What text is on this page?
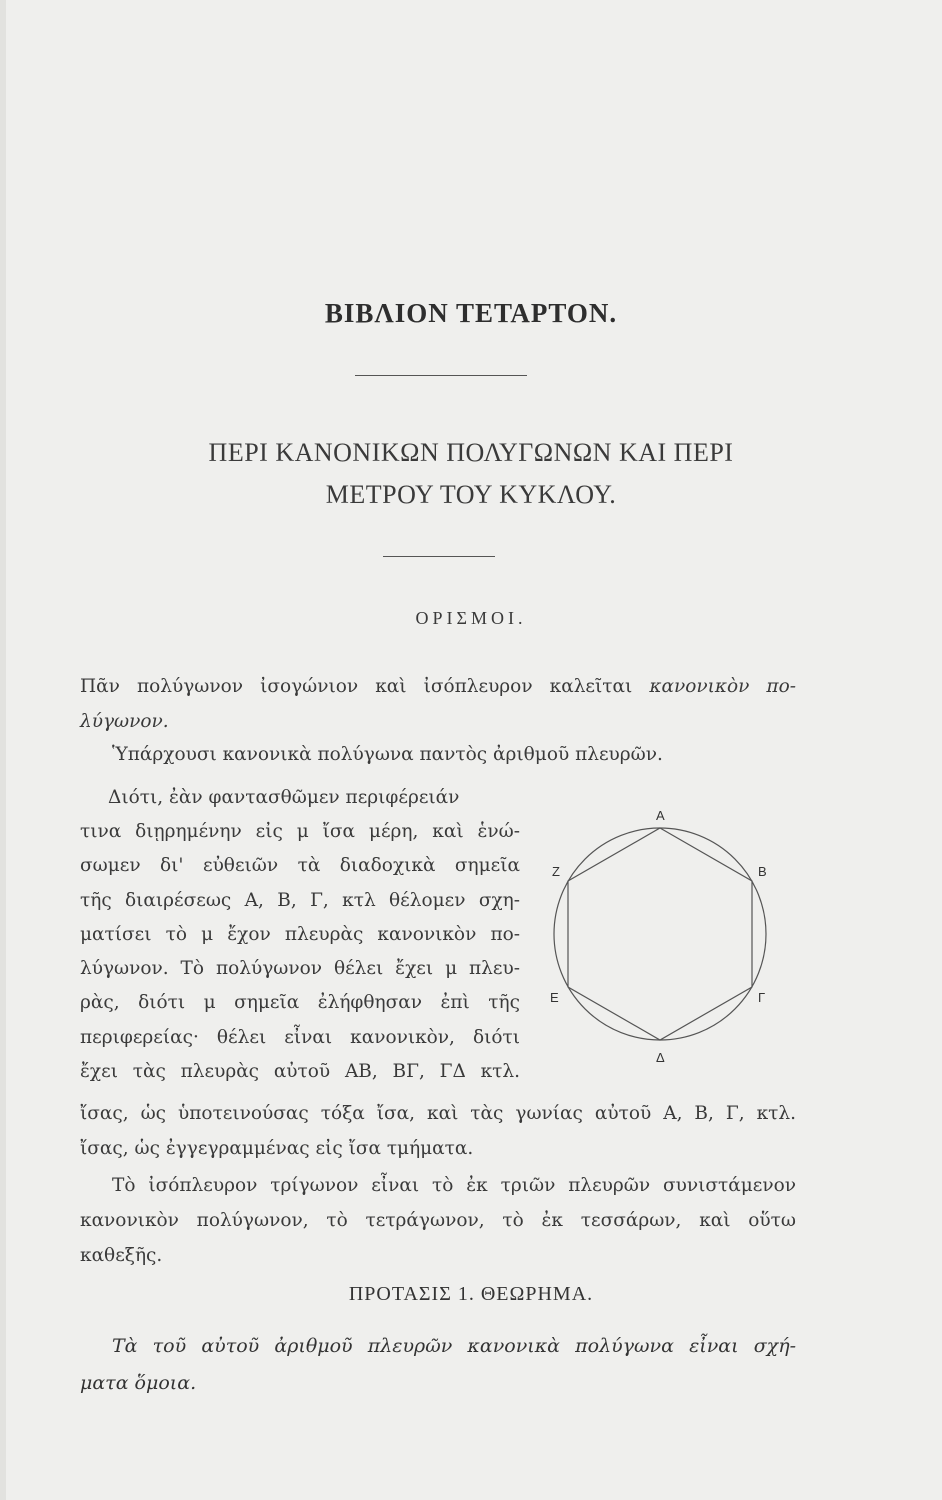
ΒΙΒΛΙΟΝ ΤΕΤΑΡΤΟΝ.
ΠΕΡΙ ΚΑΝΟΝΙΚΩΝ ΠΟΛΥΓΩΝΩΝ ΚΑΙ ΠΕΡΙ
ΜΕΤΡΟΥ ΤΟΥ ΚΥΚΛΟΥ.
ΟΡΙΣΜΟΙ.
Πᾶν πολύγωνον ἰσογώνιον καὶ ἰσόπλευρον καλεῖται κανονικὸν πο-
λύγωνον.
Ὑπάρχουσι κανονικὰ πολύγωνα παντὸς ἀριθμοῦ πλευρῶν.
Διότι, ἐὰν φαντασθῶμεν περιφέρειάν
τινα διῃρημένην εἰς μ ἴσα μέρη, καὶ ἑνώ-
σωμεν δι' εὐθειῶν τὰ διαδοχικὰ σημεῖα
τῆς διαιρέσεως Α, Β, Γ, κτλ θέλομεν σχη-
ματίσει τὸ μ ἔχον πλευρὰς κανονικὸν πο-
λύγωνον. Τὸ πολύγωνον θέλει ἔχει μ πλευ-
ρὰς, διότι μ σημεῖα ἐλήφθησαν ἐπὶ τῆς
περιφερείας· θέλει εἶναι κανονικὸν, διότι
ἔχει τὰς πλευρὰς αὐτοῦ ΑΒ, ΒΓ, ΓΔ κτλ.
ἴσας, ὡς ὑποτεινούσας τόξα ἴσα, καὶ τὰς γωνίας αὐτοῦ Α, Β, Γ, κτλ.
ἴσας, ὡς ἐγγεγραμμένας εἰς ἴσα τμήματα.
Τὸ ἰσόπλευρον τρίγωνον εἶναι τὸ ἐκ τριῶν πλευρῶν συνιστάμενον
κανονικὸν πολύγωνον, τὸ τετράγωνον, τὸ ἐκ τεσσάρων, καὶ οὕτω
καθεξῆς.
ΠΡΟΤΑΣΙΣ 1. ΘΕΩΡΗΜΑ.
Τὰ τοῦ αὐτοῦ ἀριθμοῦ πλευρῶν κανονικὰ πολύγωνα εἶναι σχή-
ματα ὅμοια.
Α
Β
Γ
Δ
Ε
Ζ
